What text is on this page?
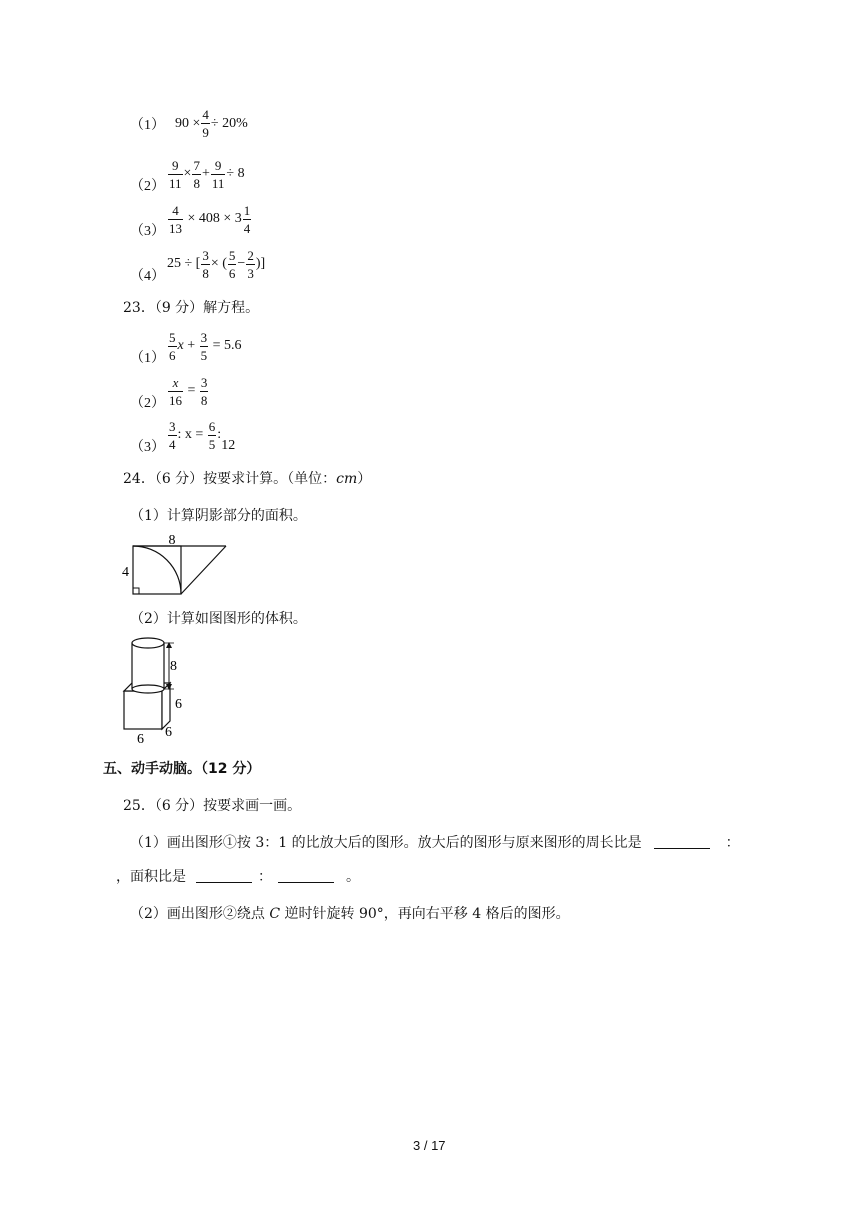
（1） 90
× $\frac{4}{9}$ ÷
20%
$(2) \frac{9}{11} \times \frac{7}{8} + \frac{9}{11}$ ÷
8
$(3) \frac{4}{13}$
× 408 ×
$3 \frac{1}{4}$
（4）
25 ÷ [ $\frac{3}{8}$ × ( $\frac{5}{6} - \frac{2}{3}$ )]
23．（9 分）解方程。
$(1) \frac{5}{6}$ x
+
$\frac{3}{5}$
= 5.6
$(2) \frac{x}{16}$
=
$\frac{3}{8}$
$(3) \frac{3}{4}$ : x =
$\frac{6}{5}$ :
12
24．（6 分）按要求计算。（单位：cm）
（1）计算阴影部分的面积。
8
4
（2）计算如图图形的体积。
8
6
6 6
五、动手动脑。（12 分）
25．（6 分）按要求画一画。
（1）画出图形①按 3：1 的比放大后的图形。放大后的图形与原来图形的周长比是	：
，面积比是	：	。
（2）画出图形②绕点 C 逆时针旋转 90°，再向右平移 4 格后的图形。
3 / 17
